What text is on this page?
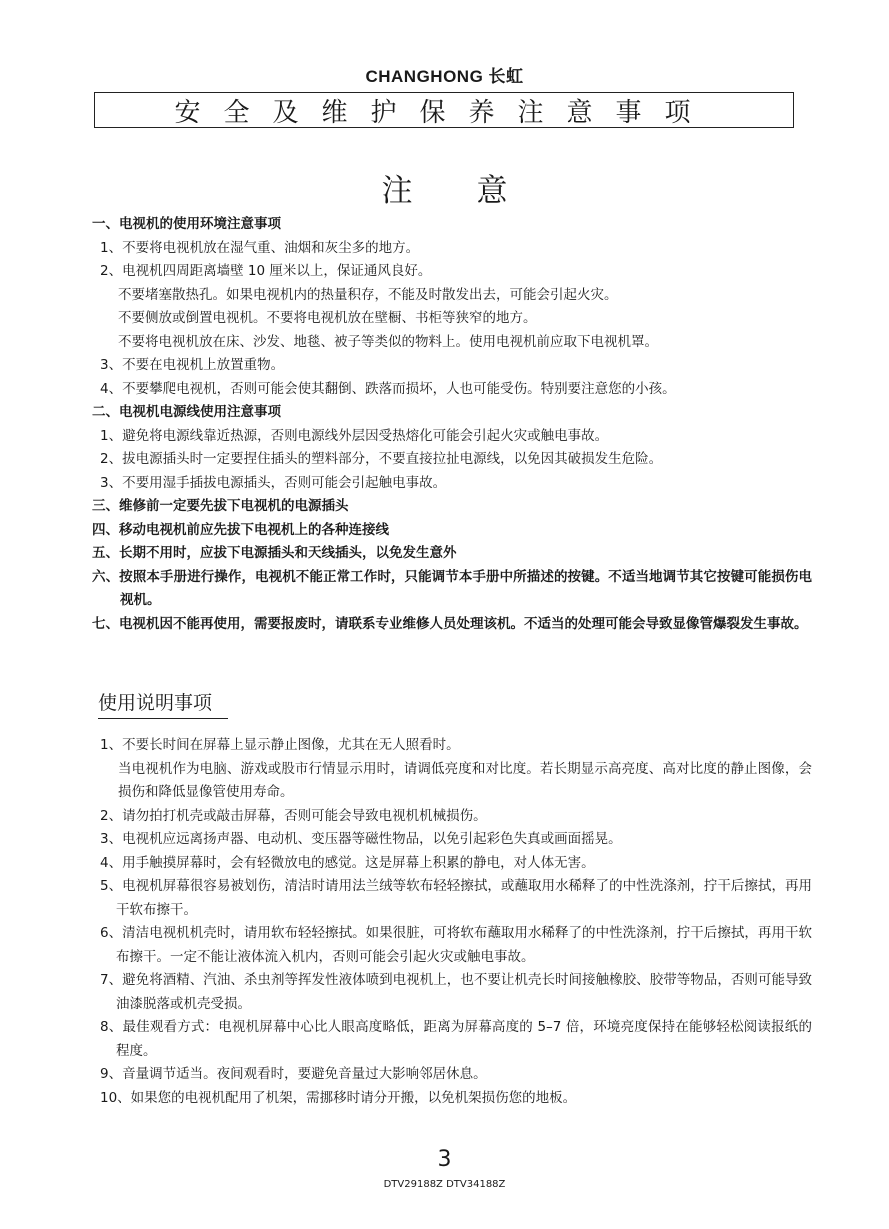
CHANGHONG 长虹
安全及维护保养注意事项
注意
一、电视机的使用环境注意事项
1、不要将电视机放在湿气重、油烟和灰尘多的地方。
2、电视机四周距离墙壁 10 厘米以上，保证通风良好。
不要堵塞散热孔。如果电视机内的热量积存，不能及时散发出去，可能会引起火灾。
不要侧放或倒置电视机。不要将电视机放在壁橱、书柜等狭窄的地方。
不要将电视机放在床、沙发、地毯、被子等类似的物料上。使用电视机前应取下电视机罩。
3、不要在电视机上放置重物。
4、不要攀爬电视机，否则可能会使其翻倒、跌落而损坏，人也可能受伤。特别要注意您的小孩。
二、电视机电源线使用注意事项
1、避免将电源线靠近热源，否则电源线外层因受热熔化可能会引起火灾或触电事故。
2、拔电源插头时一定要捏住插头的塑料部分，不要直接拉扯电源线，以免因其破损发生危险。
3、不要用湿手插拔电源插头，否则可能会引起触电事故。
三、维修前一定要先拔下电视机的电源插头
四、移动电视机前应先拔下电视机上的各种连接线
五、长期不用时，应拔下电源插头和天线插头，以免发生意外
六、按照本手册进行操作，电视机不能正常工作时，只能调节本手册中所描述的按键。不适当地调节其它按键可能损伤电视机。
七、电视机因不能再使用，需要报废时，请联系专业维修人员处理该机。不适当的处理可能会导致显像管爆裂发生事故。
使用说明事项
1、不要长时间在屏幕上显示静止图像，尤其在无人照看时。
当电视机作为电脑、游戏或股市行情显示用时，请调低亮度和对比度。若长期显示高亮度、高对比度的静止图像，会损伤和降低显像管使用寿命。
2、请勿拍打机壳或敲击屏幕，否则可能会导致电视机机械损伤。
3、电视机应远离扬声器、电动机、变压器等磁性物品，以免引起彩色失真或画面摇晃。
4、用手触摸屏幕时，会有轻微放电的感觉。这是屏幕上积累的静电，对人体无害。
5、电视机屏幕很容易被划伤，清洁时请用法兰绒等软布轻轻擦拭，或蘸取用水稀释了的中性洗涤剂，拧干后擦拭，再用干软布擦干。
6、清洁电视机机壳时，请用软布轻轻擦拭。如果很脏，可将软布蘸取用水稀释了的中性洗涤剂，拧干后擦拭，再用干软布擦干。一定不能让液体流入机内，否则可能会引起火灾或触电事故。
7、避免将酒精、汽油、杀虫剂等挥发性液体喷到电视机上，也不要让机壳长时间接触橡胶、胶带等物品，否则可能导致油漆脱落或机壳受损。
8、最佳观看方式：电视机屏幕中心比人眼高度略低，距离为屏幕高度的 5–7 倍，环境亮度保持在能够轻松阅读报纸的程度。
9、音量调节适当。夜间观看时，要避免音量过大影响邻居休息。
10、如果您的电视机配用了机架，需挪移时请分开搬，以免机架损伤您的地板。
3
DTV29188Z DTV34188Z
